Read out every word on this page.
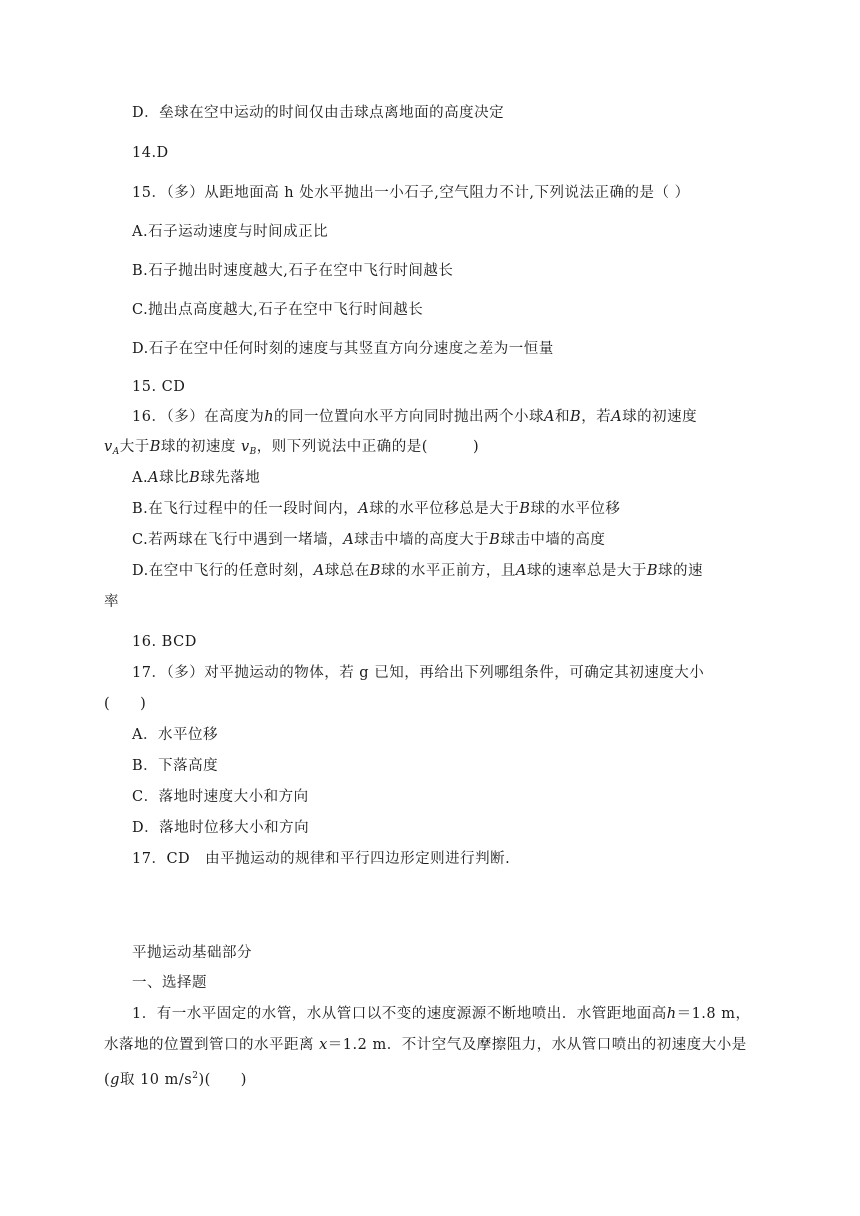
D．垒球在空中运动的时间仅由击球点离地面的高度决定
14.D
15．（多）从距地面高 h 处水平抛出一小石子,空气阻力不计,下列说法正确的是（ ）
A.石子运动速度与时间成正比
B.石子抛出时速度越大,石子在空中飞行时间越长
C.抛出点高度越大,石子在空中飞行时间越长
D.石子在空中任何时刻的速度与其竖直方向分速度之差为一恒量
15. CD
16．（多）在高度为h的同一位置向水平方向同时抛出两个小球A和B，若A球的初速度
$v_A$大于B球的初速度 $v_B$，则下列说法中正确的是(　　　)
A.A球比B球先落地
B.在飞行过程中的任一段时间内，A球的水平位移总是大于B球的水平位移
C.若两球在飞行中遇到一堵墙，A球击中墙的高度大于B球击中墙的高度
D.在空中飞行的任意时刻，A球总在B球的水平正前方，且A球的速率总是大于B球的速
率
16. BCD
17．（多）对平抛运动的物体，若 g 已知，再给出下列哪组条件，可确定其初速度大小
(　　)
A．水平位移
B．下落高度
C．落地时速度大小和方向
D．落地时位移大小和方向
17．CD　由平抛运动的规律和平行四边形定则进行判断.
平抛运动基础部分
一、选择题
1．有一水平固定的水管，水从管口以不变的速度源源不断地喷出．水管距地面高h＝1.8 m，
水落地的位置到管口的水平距离 x＝1.2 m．不计空气及摩擦阻力，水从管口喷出的初速度大小是
(g取 10 $m/s^2$)(　　)
